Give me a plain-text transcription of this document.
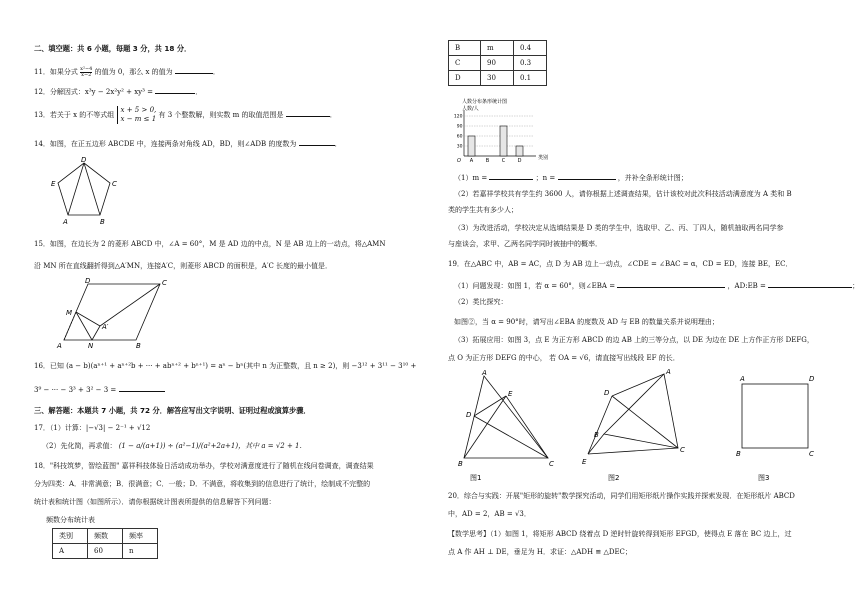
二、填空题：共 6 小题，每题 3 分，共 18 分．
11．如果分式 $\frac{\text{x²−4}}{x-2}$ 的值为 0，那么 x 的值为	．
12．分解因式：x³y − 2x²y² + xy³ =	．
13．若关于 x 的不等式组
x + 5 > 0,
x − m ≤ 1 有 3 个整数解，则实数 m 的取值范围是	．
14．如图，在正五边形 ABCDE 中，连接两条对角线 AD，BD，则∠ADB 的度数为	．
D
E	C
A	B
15．如图，在边长为 2 的菱形 ABCD 中，∠A = 60°，M 是 AD 边的中点，N 是 AB 边上的一动点，将△AMN
沿 MN 所在直线翻折得到△A′MN，连接A′C，则菱形 ABCD 的面积是，A′C 长度的最小值是．
D	C
M
A	N
A′
B
16．已知 (a − b)(aⁿ⁺¹ + aⁿ⁺²b + ··· + abⁿ⁺² + bⁿ⁺¹) = aⁿ − bⁿ(其中 n 为正整数，且 n ≥ 2)，则 −3¹² + 3¹¹ − 3¹⁰ +
3⁹ − ··· − 3³ + 3² − 3 =
三、解答题：本题共 7 小题，共 72 分．解答应写出文字说明、证明过程或演算步骤．
17．（1）计算：|−√3| − 2⁻¹ + √12
（2）先化简，再求值： (1 − a/(a+1)) ÷ (a²−1)/(a²+2a+1)，其中 a = √2 + 1．
18．"科技筑梦，智绘蓝图" 嘉祥科技体验日活动成功举办，学校对满意度进行了随机在线问卷调查，调查结果
分为四类：A．非常满意；B．很满意；C．一般；D．不满意，将收集到的信息进行了统计，绘制成不完整的
统计表和统计图（如图所示）．请你根据统计图表所提供的信息解答下列问题：
频数分布统计表
类别	频数	频率
A	60	n
B	m	0.4
C	90	0.3
D	30	0.1
人数分布条形统计图
人数/人
30
60
90
120
A	B	C D	类别
O
（1）m =	；n =	，并补全条形统计图；
（2）若嘉祥学校共有学生约 3600 人，请你根据上述调查结果，估计该校对此次科技活动满意度为 A 类和 B
类的学生共有多少人；
（3）为改进活动，学校决定从选填结果是 D 类的学生中，选取甲、乙、丙、丁四人，随机抽取两名同学参
与座谈会，求甲、乙两名同学同时被抽中的概率．
19．在△ABC 中，AB = AC，点 D 为 AB 边上一动点，∠CDE = ∠BAC = α，CD = ED，连接 BE，EC．
（1）问题发现：如图 1，若 α = 60°，则∠EBA =	，AD:EB =	；
（2）类比探究：
如图②，当 α = 90°时，请写出∠EBA 的度数及 AD 与 EB 的数量关系并说明理由；
（3）拓展应用：如图 3，点 E 为正方形 ABCD 的边 AB 上的三等分点，以 DE 为边在 DE 上方作正方形 DEFG，
点 O 为正方形 DEFG 的中心， 若 OA = √6，请直接写出线段 EF 的长．
A
D
E
B	C
图1
A
D
B
C
E
图2
A	D
B	C
图3
20．综合与实践：开展"矩形的旋转"数学探究活动，同学们用矩形纸片操作实践并探索发现．在矩形纸片 ABCD
中，AD = 2，AB = √3．
【数学思考】（1）如图 1，将矩形 ABCD 绕着点 D 逆时针旋转得到矩形 EFGD，使得点 E 落在 BC 边上，过
点 A 作 AH ⊥ DE，垂足为 H．求证：△ADH ≌ △DEC；
